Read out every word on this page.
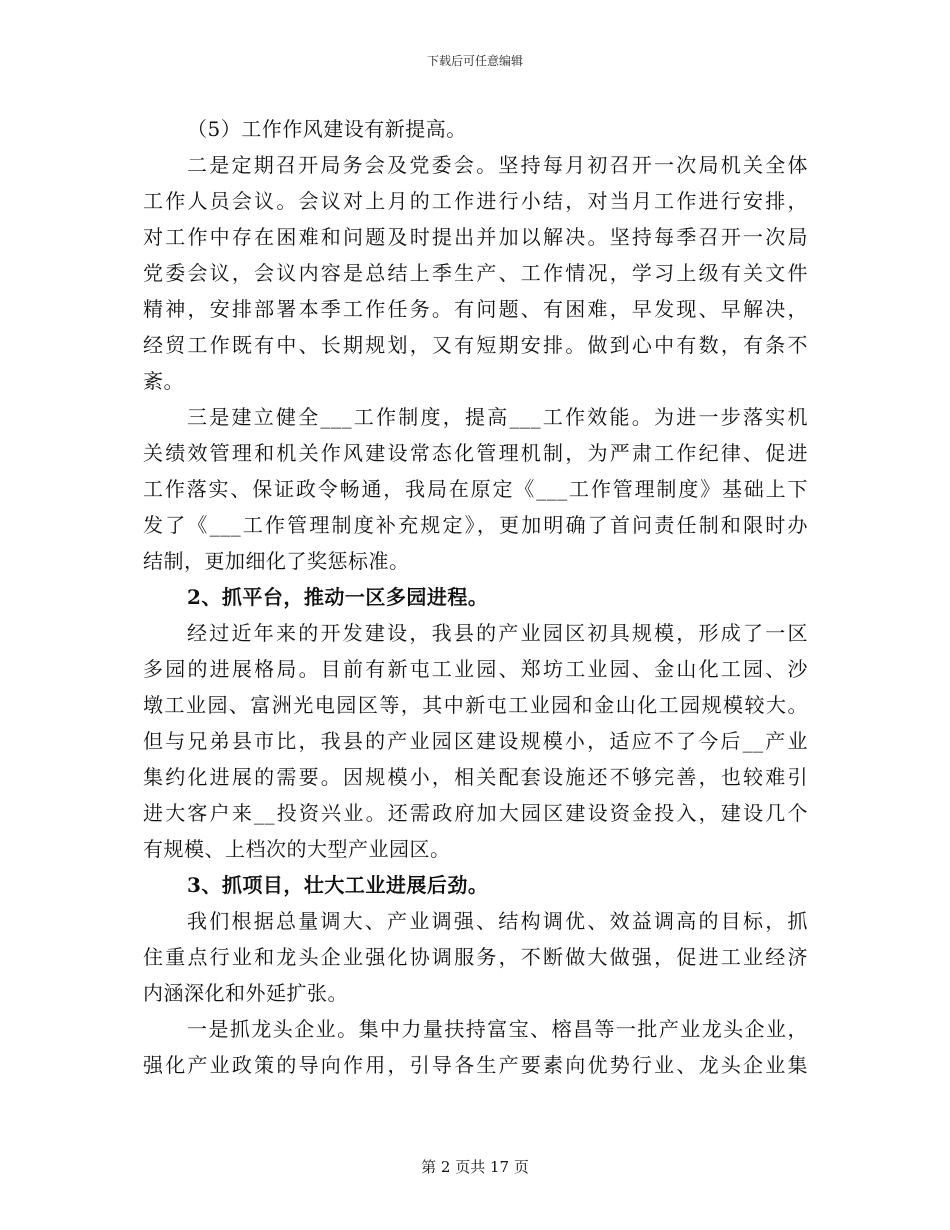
下载后可任意编辑
（5）工作作风建设有新提高。
二是定期召开局务会及党委会。坚持每月初召开一次局机关全体
工作人员会议。会议对上月的工作进行小结，对当月工作进行安排，
对工作中存在困难和问题及时提出并加以解决。坚持每季召开一次局
党委会议，会议内容是总结上季生产、工作情况，学习上级有关文件
精神，安排部署本季工作任务。有问题、有困难，早发现、早解决，
经贸工作既有中、长期规划，又有短期安排。做到心中有数，有条不
紊。
三是建立健全___工作制度，提高___工作效能。为进一步落实机
关绩效管理和机关作风建设常态化管理机制，为严肃工作纪律、促进
工作落实、保证政令畅通，我局在原定《___工作管理制度》基础上下
发了《___工作管理制度补充规定》，更加明确了首问责任制和限时办
结制，更加细化了奖惩标准。
2、抓平台，推动一区多园进程。
经过近年来的开发建设，我县的产业园区初具规模，形成了一区
多园的进展格局。目前有新屯工业园、郑坊工业园、金山化工园、沙
墩工业园、富洲光电园区等，其中新屯工业园和金山化工园规模较大。
但与兄弟县市比，我县的产业园区建设规模小，适应不了今后__产业
集约化进展的需要。因规模小，相关配套设施还不够完善，也较难引
进大客户来__投资兴业。还需政府加大园区建设资金投入，建设几个
有规模、上档次的大型产业园区。
3、抓项目，壮大工业进展后劲。
我们根据总量调大、产业调强、结构调优、效益调高的目标，抓
住重点行业和龙头企业强化协调服务，不断做大做强，促进工业经济
内涵深化和外延扩张。
一是抓龙头企业。集中力量扶持富宝、榕昌等一批产业龙头企业，
强化产业政策的导向作用，引导各生产要素向优势行业、龙头企业集
第 2 页共 17 页
